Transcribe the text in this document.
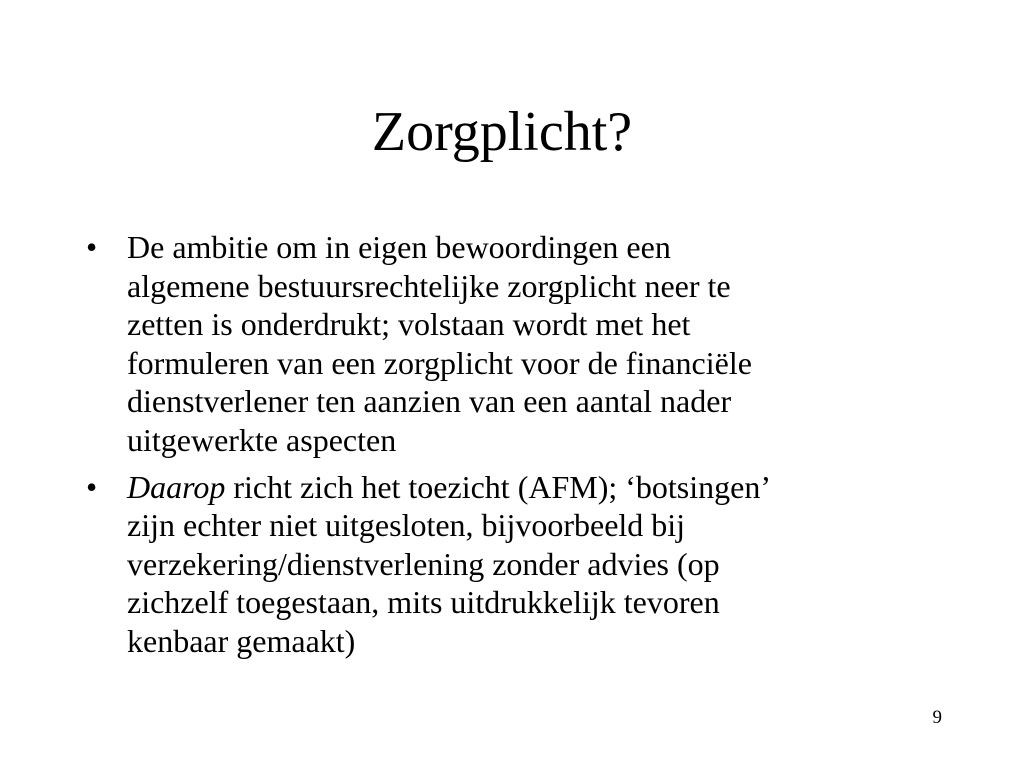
Zorgplicht?
• De ambitie om in eigen bewoordingen een
algemene bestuursrechtelijke zorgplicht neer te
zetten is onderdrukt; volstaan wordt met het
formuleren van een zorgplicht voor de financiële
dienstverlener ten aanzien van een aantal nader
uitgewerkte aspecten
• Daarop richt zich het toezicht (AFM); ‘botsingen’
zijn echter niet uitgesloten, bijvoorbeeld bij
verzekering/dienstverlening zonder advies (op
zichzelf toegestaan, mits uitdrukkelijk tevoren
kenbaar gemaakt)
9
